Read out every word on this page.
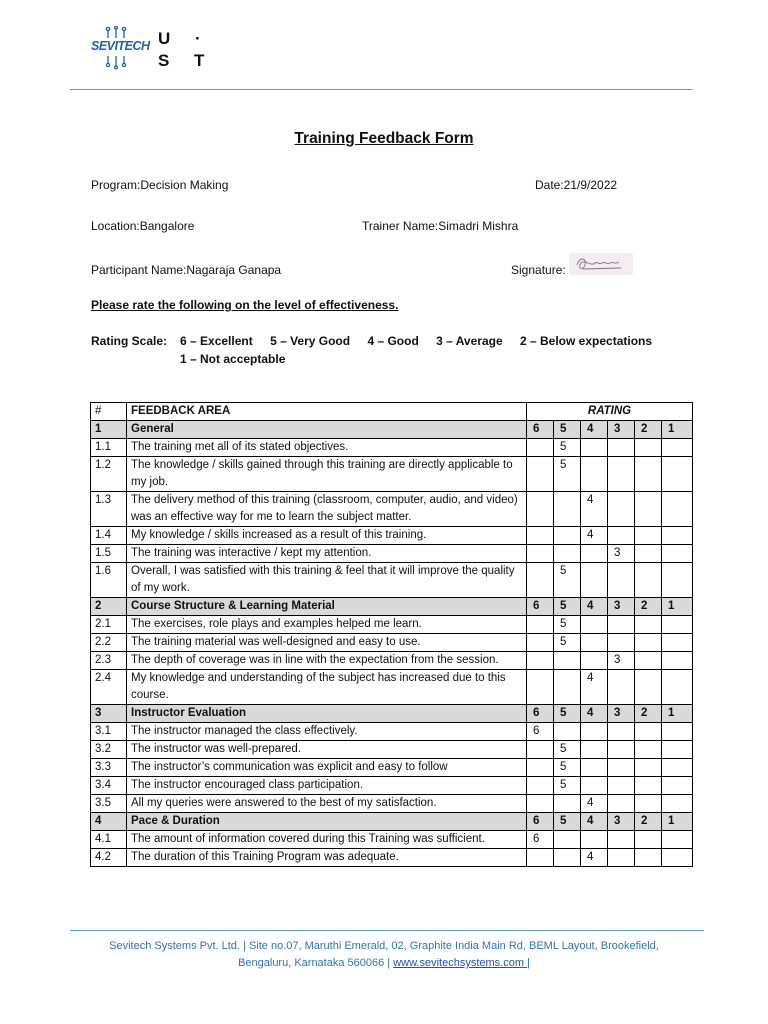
SEVITECH U ·
S T
Training Feedback Form
Program:Decision Making	Date:21/9/2022
Location:Bangalore	Trainer Name:Simadri Mishra
Participant Name:Nagaraja Ganapa	Signature:
Please rate the following on the level of effectiveness.
Rating Scale: 6 – Excellent 5 – Very Good 4 – Good 3 – Average 2 – Below expectations
1 – Not acceptable
#	FEEDBACK AREA	RATING					
1	General	6	5	4	3	2	1
1.1	The training met all of its stated objectives.		5				
1.2	The knowledge / skills gained through this training are directly applicable to my job.		5				
1.3	The delivery method of this training (classroom, computer, audio, and video) was an effective way for me to learn the subject matter.			4			
1.4	My knowledge / skills increased as a result of this training.			4			
1.5	The training was interactive / kept my attention.				3		
1.6	Overall, I was satisfied with this training & feel that it will improve the quality of my work.		5				
2	Course Structure & Learning Material	6	5	4	3	2	1
2.1	The exercises, role plays and examples helped me learn.		5				
2.2	The training material was well-designed and easy to use.		5				
2.3	The depth of coverage was in line with the expectation from the session.				3		
2.4	My knowledge and understanding of the subject has increased due to this course.			4			
3	Instructor Evaluation	6	5	4	3	2	1
3.1	The instructor managed the class effectively.	6					
3.2	The instructor was well-prepared.		5				
3.3	The instructor’s communication was explicit and easy to follow		5				
3.4	The instructor encouraged class participation.		5				
3.5	All my queries were answered to the best of my satisfaction.			4			
4	Pace & Duration	6	5	4	3	2	1
4.1	The amount of information covered during this Training was sufficient.	6					
4.2	The duration of this Training Program was adequate.			4			
Sevitech Systems Pvt. Ltd. | Site no.07, Maruthi Emerald, 02, Graphite India Main Rd, BEML Layout, Brookefield,
Bengaluru, Karnataka 560066 | www.sevitechsystems.com |
